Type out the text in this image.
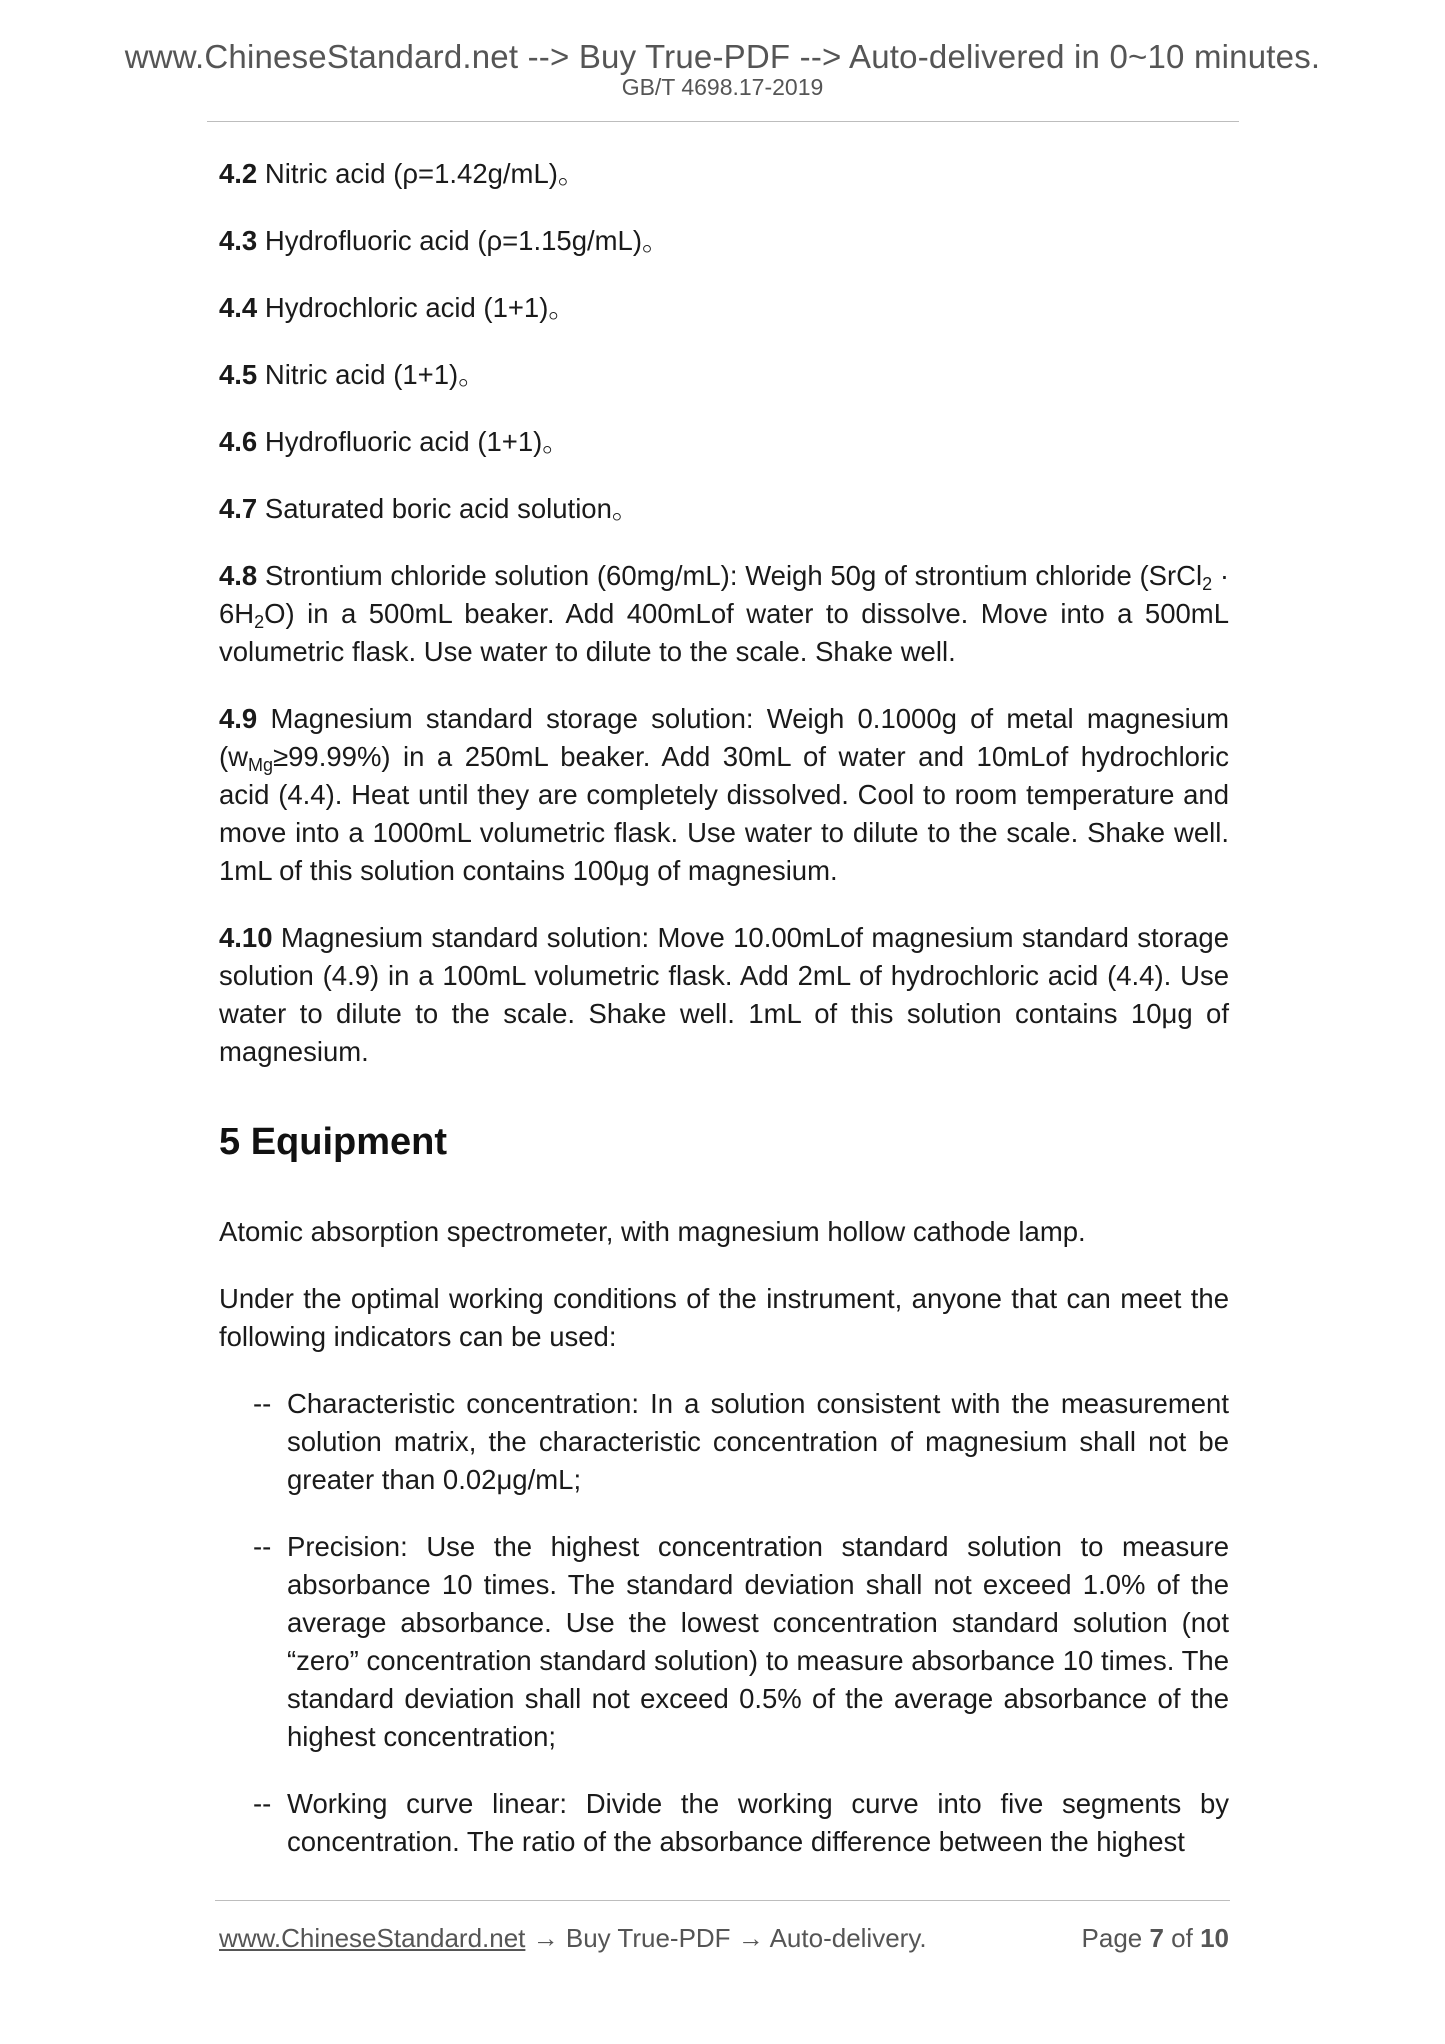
www.ChineseStandard.net --> Buy True-PDF --> Auto-delivered in 0~10 minutes.
GB/T 4698.17-2019

4.2 Nitric acid (ρ=1.42g/mL)。

4.3 Hydrofluoric acid (ρ=1.15g/mL)。

4.4 Hydrochloric acid (1+1)。

4.5 Nitric acid (1+1)。

4.6 Hydrofluoric acid (1+1)。

4.7 Saturated boric acid solution。

4.8 Strontium chloride solution (60mg/mL): Weigh 50g of strontium chloride (SrCl$_2$ · $6H_2O$) in a 500mL beaker. Add 400mLof water to dissolve. Move into a 500mL volumetric flask. Use water to dilute to the scale. Shake well.

4.9 Magnesium standard storage solution: Weigh 0.1000g of metal magnesium $(w_{Mg}\ge 99.99\%)$ in a 250mL beaker. Add 30mL of water and 10mLof hydrochloric acid (4.4). Heat until they are completely dissolved. Cool to room temperature and move into a 1000mL volumetric flask. Use water to dilute to the scale. Shake well. 1mL of this solution contains 100μg of magnesium.

4.10 Magnesium standard solution: Move 10.00mLof magnesium standard storage solution (4.9) in a 100mL volumetric flask. Add 2mL of hydrochloric acid (4.4). Use water to dilute to the scale. Shake well. 1mL of this solution contains 10μg of magnesium.

5 Equipment

Atomic absorption spectrometer, with magnesium hollow cathode lamp.

Under the optimal working conditions of the instrument, anyone that can meet the following indicators can be used:

-- Characteristic concentration: In a solution consistent with the measurement solution matrix, the characteristic concentration of magnesium shall not be greater than 0.02μg/mL;
-- Precision: Use the highest concentration standard solution to measure absorbance 10 times. The standard deviation shall not exceed 1.0% of the average absorbance. Use the lowest concentration standard solution (not “zero” concentration standard solution) to measure absorbance 10 times. The standard deviation shall not exceed 0.5% of the average absorbance of the highest concentration;
-- Working curve linear: Divide the working curve into five segments by concentration. The ratio of the absorbance difference between the highest
www.ChineseStandard.net → Buy True-PDF → Auto-delivery.	Page 7 of 10
